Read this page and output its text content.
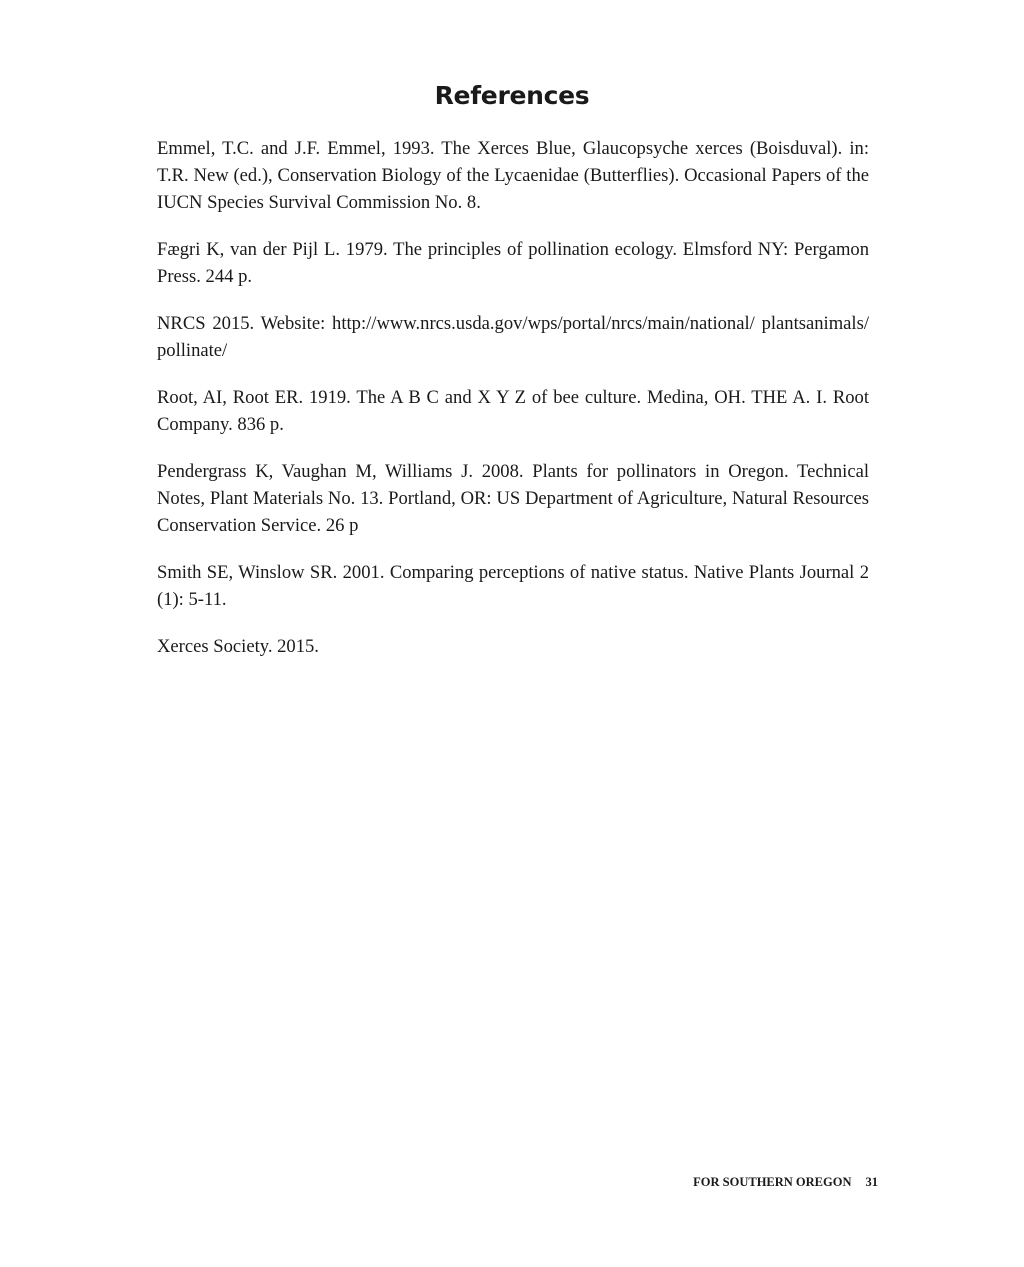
References

Emmel, T.C. and J.F. Emmel, 1993. The Xerces Blue, Glaucopsyche xerces (Boisduval). in: T.R. New (ed.), Conservation Biology of the Lycaenidae (Butterflies). Occasional Papers of the IUCN Species Survival Commission No. 8.

Fægri K, van der Pijl L. 1979. The principles of pollination ecology. Elmsford NY: Pergamon Press. 244 p.

NRCS 2015. Website: http://www.nrcs.usda.gov/wps/portal/nrcs/main/national/ plantsanimals/ pollinate/

Root, AI, Root ER. 1919. The A B C and X Y Z of bee culture. Medina, OH. THE A. I. Root Company. 836 p.

Pendergrass K, Vaughan M, Williams J. 2008. Plants for pollinators in Oregon. Technical Notes, Plant Materials No. 13. Portland, OR: US Department of Agriculture, Natural Resources Conservation Service. 26 p

Smith SE, Winslow SR. 2001. Comparing perceptions of native status. Native Plants Journal 2 (1): 5-11.

Xerces Society. 2015.

FOR SOUTHERN OREGON 31
